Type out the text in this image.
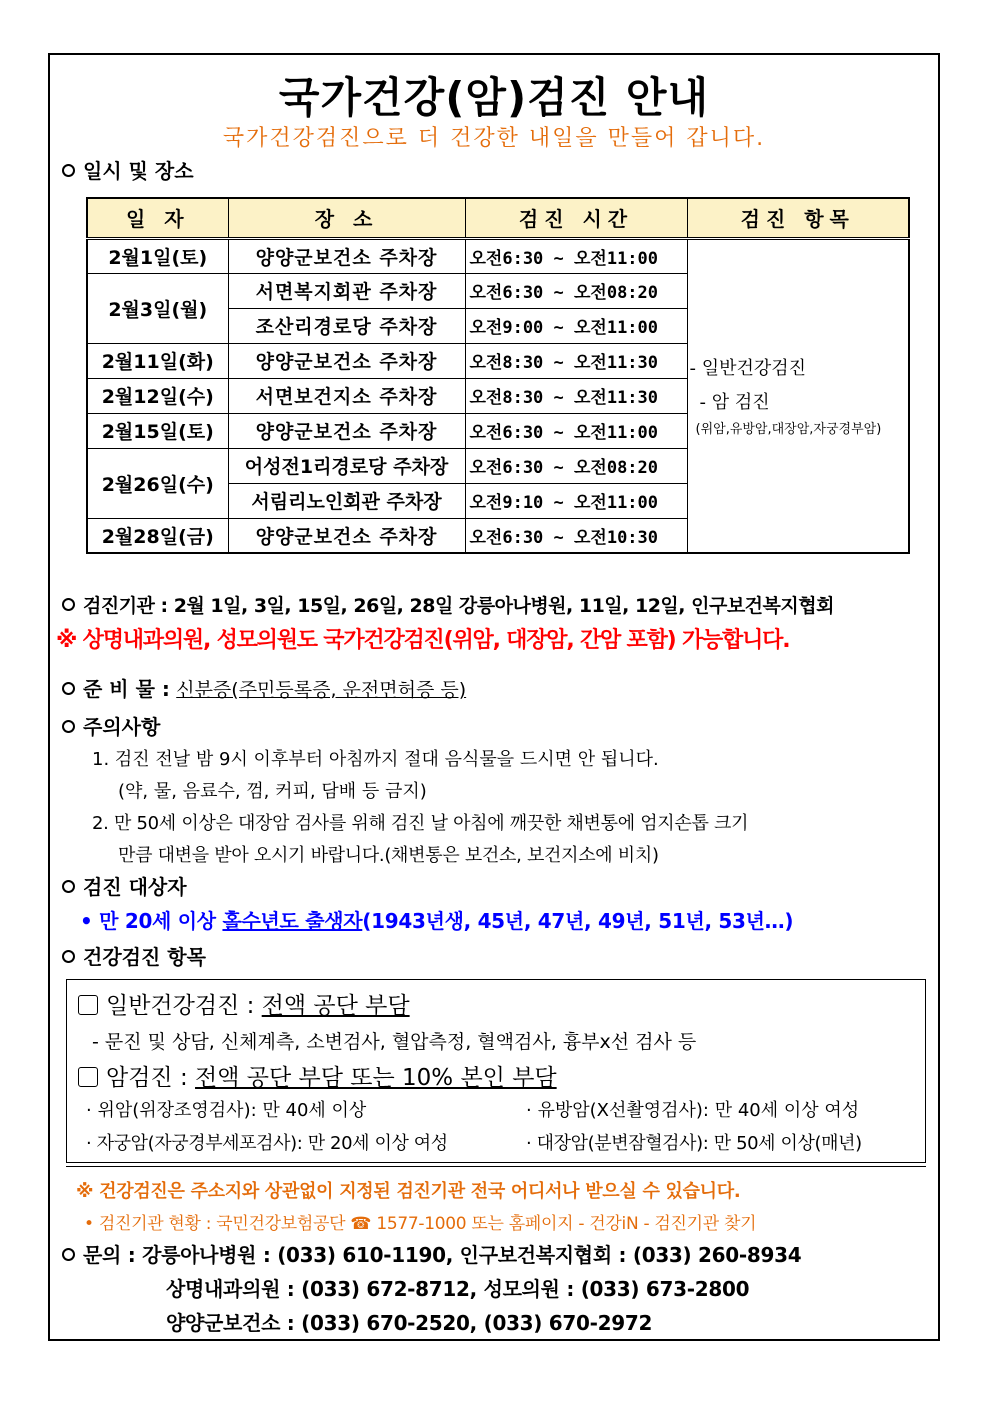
국가건강(암)검진 안내
국가건강검진으로 더 건강한 내일을 만들어 갑니다.
일시 및 장소
일 자	장 소	검진 시간	검진 항목
2월1일(토)	양양군보건소 주차장	오전6:30 ~ 오전11:00	- 일반건강검진
- 암 검진
(위암,유방암,대장암,자궁경부암)

2월3일(월)	서면복지회관 주차장	오전6:30 ~ 오전08:20	
	조산리경로당 주차장	오전9:00 ~ 오전11:00	
2월11일(화)	양양군보건소 주차장	오전8:30 ~ 오전11:30	
2월12일(수)	서면보건지소 주차장	오전8:30 ~ 오전11:30	
2월15일(토)	양양군보건소 주차장	오전6:30 ~ 오전11:00	
2월26일(수)	어성전1리경로당 주차장	오전6:30 ~ 오전08:20	
	서림리노인회관 주차장	오전9:10 ~ 오전11:00	
2월28일(금)	양양군보건소 주차장	오전6:30 ~ 오전10:30	
검진기관 : 2월 1일, 3일, 15일, 26일, 28일 강릉아나병원, 11일, 12일, 인구보건복지협회
※ 상명내과의원, 성모의원도 국가건강검진(위암, 대장암, 간암 포함) 가능합니다.
준 비 물 : 신분증(주민등록증, 운전면허증 등)
주의사항
1. 검진 전날 밤 9시 이후부터 아침까지 절대 음식물을 드시면 안 됩니다.
(약, 물, 음료수, 껌, 커피, 담배 등 금지)
2. 만 50세 이상은 대장암 검사를 위해 검진 날 아침에 깨끗한 채변통에 엄지손톱 크기
만큼 대변을 받아 오시기 바랍니다.(채변통은 보건소, 보건지소에 비치)
검진 대상자
• 만 20세 이상 홀수년도 출생자(1943년생, 45년, 47년, 49년, 51년, 53년…)
건강검진 항목
일반건강검진 : 전액 공단 부담
- 문진 및 상담, 신체계측, 소변검사, 혈압측정, 혈액검사, 흉부x선 검사 등
암검진 : 전액 공단 부담 또는 10% 본인 부담
· 위암(위장조영검사): 만 40세 이상	· 유방암(X선촬영검사): 만 40세 이상 여성
· 자궁암(자궁경부세포검사): 만 20세 이상 여성	· 대장암(분변잠혈검사): 만 50세 이상(매년)
※ 건강검진은 주소지와 상관없이 지정된 검진기관 전국 어디서나 받으실 수 있습니다.
• 검진기관 현황 : 국민건강보험공단 ☎ 1577-1000 또는 홈페이지 - 건강iN - 검진기관 찾기
문의 : 강릉아나병원 : (033) 610-1190, 인구보건복지협회 : (033) 260-8934
상명내과의원 : (033) 672-8712, 성모의원 : (033) 673-2800
양양군보건소 : (033) 670-2520, (033) 670-2972
